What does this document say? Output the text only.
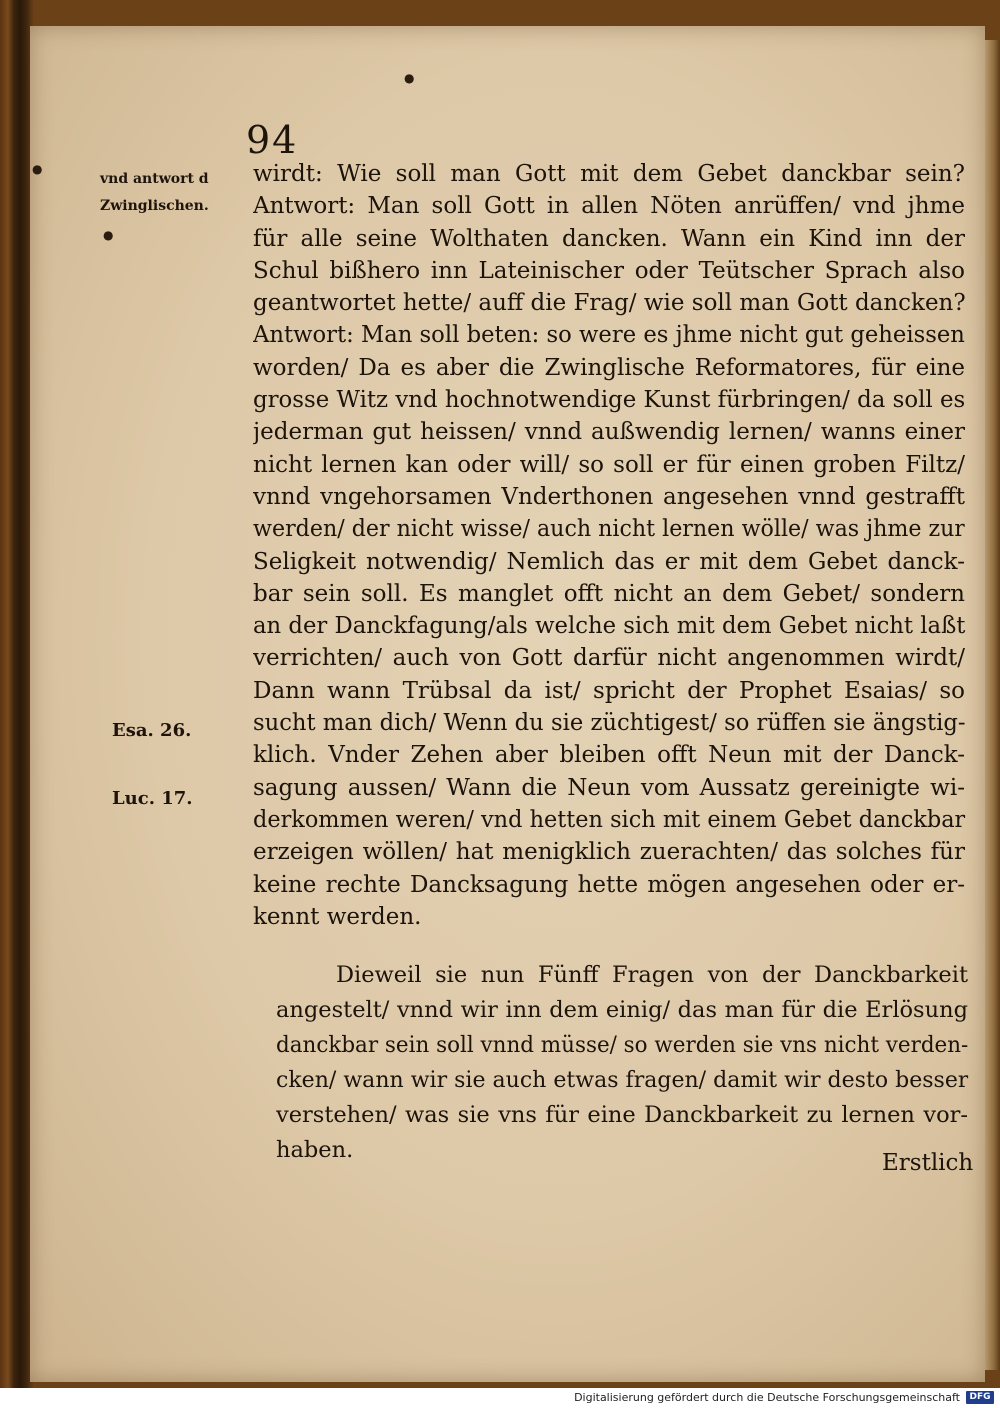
●
●
●
94
vnd antwort d
Zwinglischen.
Esa. 26.
Luc. 17.
wirdt: Wie soll man Gott mit dem Gebet danckbar sein?
Antwort: Man soll Gott in allen Nöten anrüffen/ vnd jhme
für alle seine Wolthaten dancken. Wann ein Kind inn der
Schul bißhero inn Lateinischer oder Teütscher Sprach also
geantwortet hette/ auff die Frag/ wie soll man Gott dancken?
Antwort: Man soll beten: so were es jhme nicht gut geheissen
worden/ Da es aber die Zwinglische Reformatores, für eine
grosse Witz vnd hochnotwendige Kunst fürbringen/ da soll es
jederman gut heissen/ vnnd außwendig lernen/ wanns einer
nicht lernen kan oder will/ so soll er für einen groben Filtz/
vnnd vngehorsamen Vnderthonen angesehen vnnd gestrafft
werden/ der nicht wisse/ auch nicht lernen wölle/ was jhme zur
Seligkeit notwendig/ Nemlich das er mit dem Gebet danck-
bar sein soll. Es manglet offt nicht an dem Gebet/ sondern
an der Danckfagung/als welche sich mit dem Gebet nicht laßt
verrichten/ auch von Gott darfür nicht angenommen wirdt/
Dann wann Trübsal da ist/ spricht der Prophet Esaias/ so
sucht man dich/ Wenn du sie züchtigest/ so rüffen sie ängstig-
klich. Vnder Zehen aber bleiben offt Neun mit der Danck-
sagung aussen/ Wann die Neun vom Aussatz gereinigte wi-
derkommen weren/ vnd hetten sich mit einem Gebet danckbar
erzeigen wöllen/ hat menigklich zuerachten/ das solches für
keine rechte Dancksagung hette mögen angesehen oder er-
kennt werden.
Dieweil sie nun Fünff Fragen von der Danckbarkeit
angestelt/ vnnd wir inn dem einig/ das man für die Erlösung
danckbar sein soll vnnd müsse/ so werden sie vns nicht verden-
cken/ wann wir sie auch etwas fragen/ damit wir desto besser
verstehen/ was sie vns für eine Danckbarkeit zu lernen vor-
haben.	Erstlich
Digitalisierung gefördert durch die Deutsche Forschungsgemeinschaft	DFG
